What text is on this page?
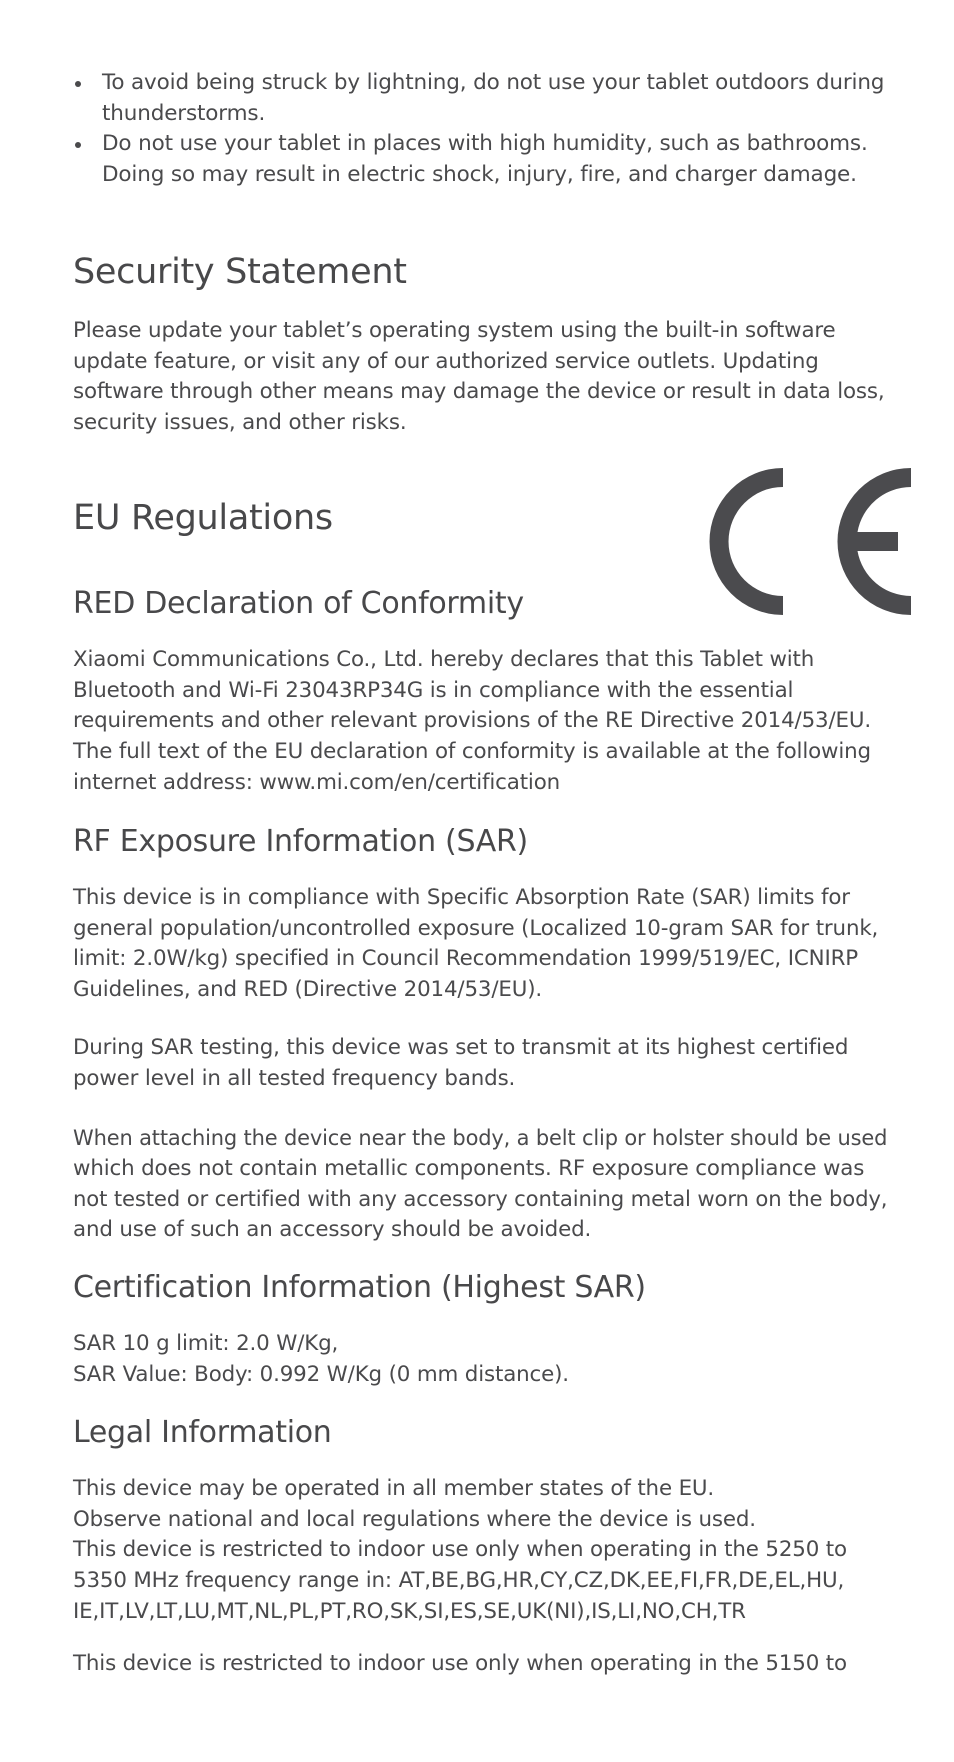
To avoid being struck by lightning, do not use your tablet outdoors during
thunderstorms.
Do not use your tablet in places with high humidity, such as bathrooms.
Doing so may result in electric shock, injury, fire, and charger damage.
Security Statement

Please update your tablet’s operating system using the built-in software
update feature, or visit any of our authorized service outlets. Updating
software through other means may damage the device or result in data loss,
security issues, and other risks.

EU Regulations
RED Declaration of Conformity

Xiaomi Communications Co., Ltd. hereby declares that this Tablet with
Bluetooth and Wi-Fi 23043RP34G is in compliance with the essential
requirements and other relevant provisions of the RE Directive 2014/53/EU.
The full text of the EU declaration of conformity is available at the following
internet address: www.mi.com/en/certification

RF Exposure Information (SAR)

This device is in compliance with Specific Absorption Rate (SAR) limits for
general population/uncontrolled exposure (Localized 10-gram SAR for trunk,
limit: 2.0W/kg) specified in Council Recommendation 1999/519/EC, ICNIRP
Guidelines, and RED (Directive 2014/53/EU).

During SAR testing, this device was set to transmit at its highest certified
power level in all tested frequency bands.

When attaching the device near the body, a belt clip or holster should be used
which does not contain metallic components. RF exposure compliance was
not tested or certified with any accessory containing metal worn on the body,
and use of such an accessory should be avoided.

Certification Information (Highest SAR)

SAR 10 g limit: 2.0 W/Kg,
SAR Value: Body: 0.992 W/Kg (0 mm distance).

Legal Information

This device may be operated in all member states of the EU.
Observe national and local regulations where the device is used.
This device is restricted to indoor use only when operating in the 5250 to
5350 MHz frequency range in: AT,BE,BG,HR,CY,CZ,DK,EE,FI,FR,DE,EL,HU,
IE,IT,LV,LT,LU,MT,NL,PL,PT,RO,SK,SI,ES,SE,UK(NI),IS,LI,NO,CH,TR

This device is restricted to indoor use only when operating in the 5150 to
